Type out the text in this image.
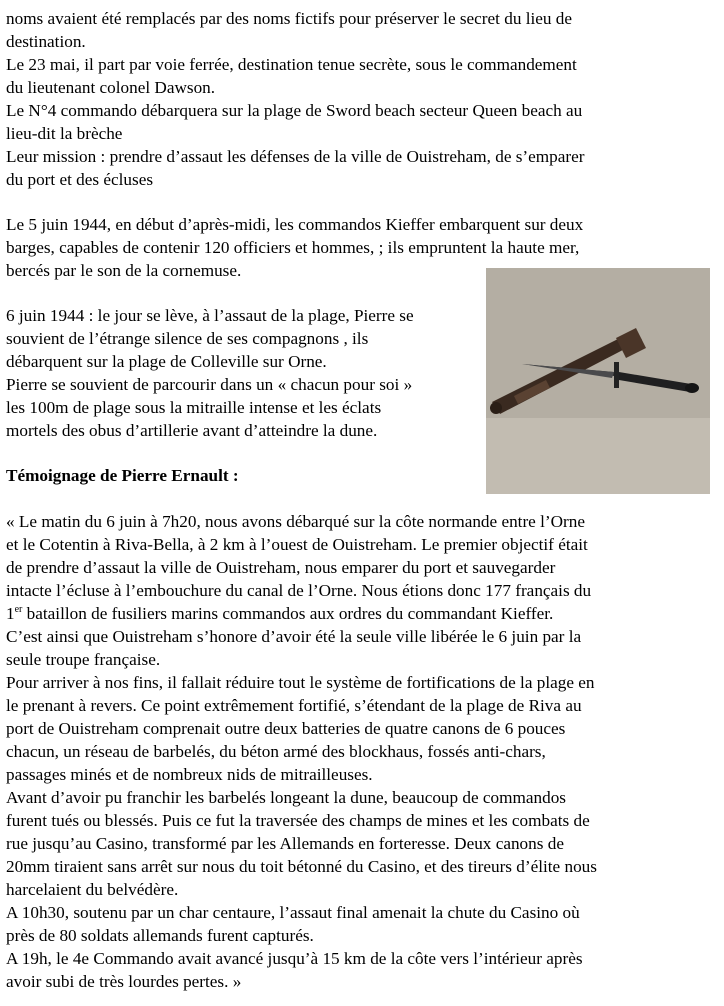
noms avaient été remplacés par des noms fictifs pour préserver le secret du lieu de
destination.
Le 23 mai, il part par voie ferrée, destination tenue secrète, sous le commandement
du lieutenant colonel Dawson.
Le N°4 commando débarquera sur la plage de Sword beach secteur Queen beach au
lieu-dit la brèche
Leur mission : prendre d’assaut les défenses de la ville de Ouistreham, de s’emparer
du port et des écluses
Le 5 juin 1944, en début d’après-midi, les commandos Kieffer embarquent sur deux
barges, capables de contenir 120 officiers et hommes, ; ils empruntent la haute mer,
bercés par le son de la cornemuse.
6 juin 1944 : le jour se lève, à l’assaut de la plage, Pierre se
souvient de l’étrange silence de ses compagnons , ils
débarquent sur la plage de Colleville sur Orne.
Pierre se souvient de parcourir dans un « chacun pour soi »
les 100m de plage sous la mitraille intense et les éclats
mortels des obus d’artillerie avant d’atteindre la dune.
Témoignage de Pierre Ernault :
« Le matin du 6 juin à 7h20, nous avons débarqué sur la côte normande entre l’Orne
et le Cotentin à Riva-Bella, à 2 km à l’ouest de Ouistreham. Le premier objectif était
de prendre d’assaut la ville de Ouistreham, nous emparer du port et sauvegarder
intacte l’écluse à l’embouchure du canal de l’Orne. Nous étions donc 177 français du
1er bataillon de fusiliers marins commandos aux ordres du commandant Kieffer.
C’est ainsi que Ouistreham s’honore d’avoir été la seule ville libérée le 6 juin par la
seule troupe française.
Pour arriver à nos fins, il fallait réduire tout le système de fortifications de la plage en
le prenant à revers. Ce point extrêmement fortifié, s’étendant de la plage de Riva au
port de Ouistreham comprenait outre deux batteries de quatre canons de 6 pouces
chacun, un réseau de barbelés, du béton armé des blockhaus, fossés anti-chars,
passages minés et de nombreux nids de mitrailleuses.
Avant d’avoir pu franchir les barbelés longeant la dune, beaucoup de commandos
furent tués ou blessés. Puis ce fut la traversée des champs de mines et les combats de
rue jusqu’au Casino, transformé par les Allemands en forteresse. Deux canons de
20mm tiraient sans arrêt sur nous du toit bétonné du Casino, et des tireurs d’élite nous
harcelaient du belvédère.
A 10h30, soutenu par un char centaure, l’assaut final amenait la chute du Casino où
près de 80 soldats allemands furent capturés.
A 19h, le 4e Commando avait avancé jusqu’à 15 km de la côte vers l’intérieur après
avoir subi de très lourdes pertes. »
